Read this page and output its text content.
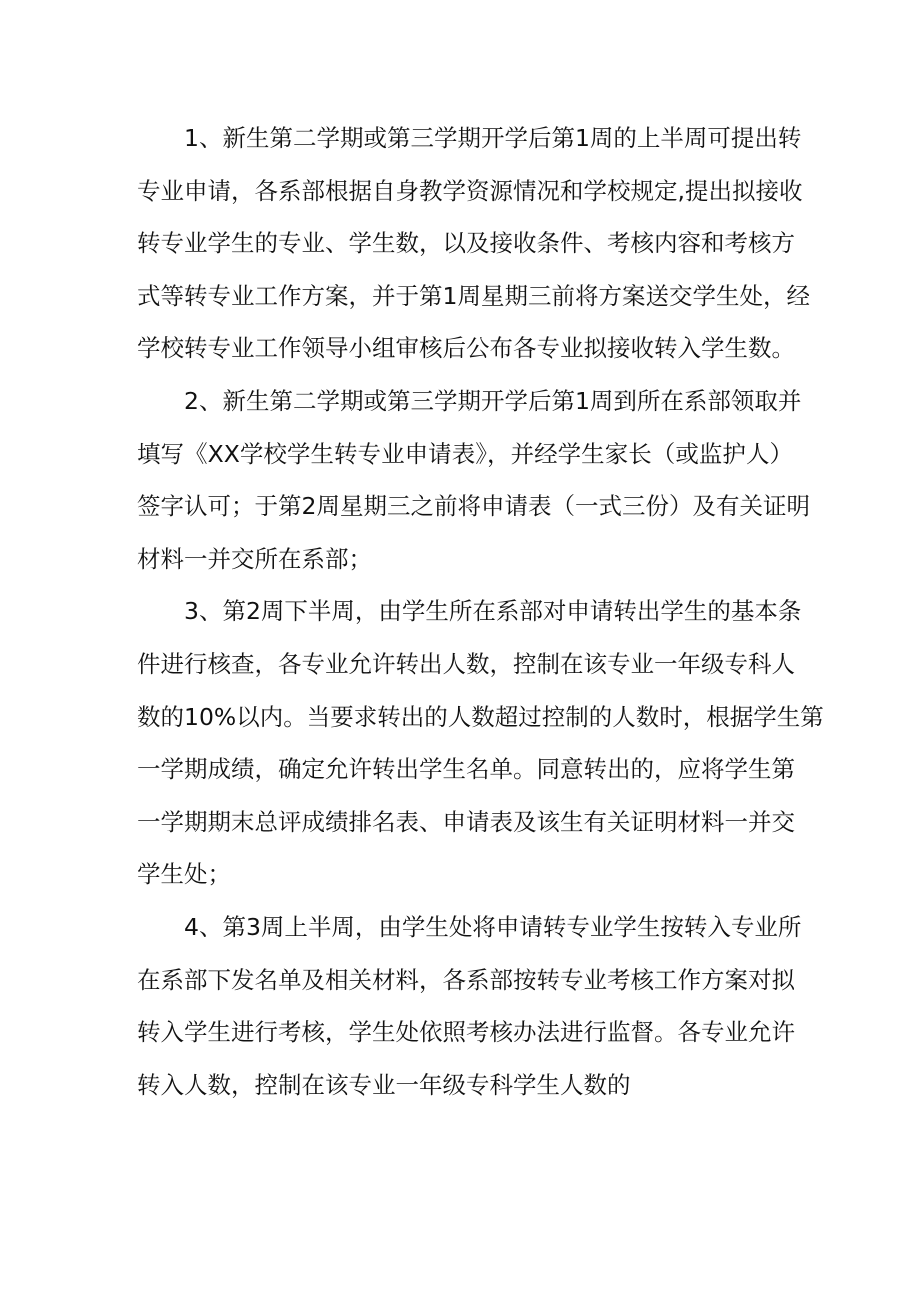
1、新生第二学期或第三学期开学后第1周的上半周可提出转
专业申请，各系部根据自身教学资源情况和学校规定,提出拟接收
转专业学生的专业、学生数，以及接收条件、考核内容和考核方
式等转专业工作方案，并于第1周星期三前将方案送交学生处，经
学校转专业工作领导小组审核后公布各专业拟接收转入学生数。
2、新生第二学期或第三学期开学后第1周到所在系部领取并
填写《XX学校学生转专业申请表》，并经学生家长（或监护人）
签字认可；于第2周星期三之前将申请表（一式三份）及有关证明
材料一并交所在系部；
3、第2周下半周，由学生所在系部对申请转出学生的基本条
件进行核查，各专业允许转出人数，控制在该专业一年级专科人
数的10%以内。当要求转出的人数超过控制的人数时，根据学生第
一学期成绩，确定允许转出学生名单。同意转出的，应将学生第
一学期期末总评成绩排名表、申请表及该生有关证明材料一并交
学生处；
4、第3周上半周，由学生处将申请转专业学生按转入专业所
在系部下发名单及相关材料，各系部按转专业考核工作方案对拟
转入学生进行考核，学生处依照考核办法进行监督。各专业允许
转入人数，控制在该专业一年级专科学生人数的
